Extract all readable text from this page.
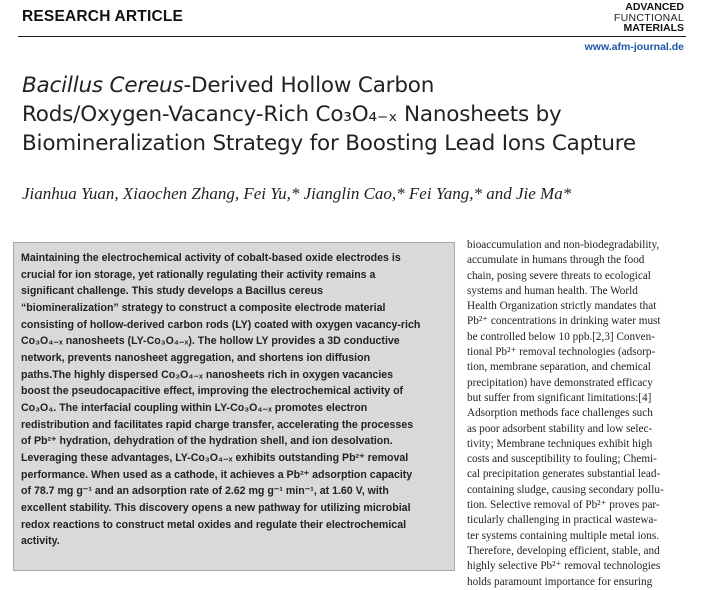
RESEARCH ARTICLE
ADVANCED
FUNCTIONAL
MATERIALS
www.afm-journal.de
Bacillus Cereus-Derived Hollow Carbon
Rods/Oxygen-Vacancy-Rich Co₃O₄₋ₓ Nanosheets by
Biomineralization Strategy for Boosting Lead Ions Capture
Jianhua Yuan, Xiaochen Zhang, Fei Yu,* Jianglin Cao,* Fei Yang,* and Jie Ma*
Maintaining the electrochemical activity of cobalt-based oxide electrodes is
crucial for ion storage, yet rationally regulating their activity remains a
significant challenge. This study develops a Bacillus cereus
“biomineralization” strategy to construct a composite electrode material
consisting of hollow-derived carbon rods (LY) coated with oxygen vacancy-rich
Co₃O₄₋ₓ nanosheets (LY-Co₃O₄₋ₓ). The hollow LY provides a 3D conductive
network, prevents nanosheet aggregation, and shortens ion diffusion
paths.The highly dispersed Co₃O₄₋ₓ nanosheets rich in oxygen vacancies
boost the pseudocapacitive effect, improving the electrochemical activity of
Co₃O₄. The interfacial coupling within LY-Co₃O₄₋ₓ promotes electron
redistribution and facilitates rapid charge transfer, accelerating the processes
of Pb²⁺ hydration, dehydration of the hydration shell, and ion desolvation.
Leveraging these advantages, LY-Co₃O₄₋ₓ exhibits outstanding Pb²⁺ removal
performance. When used as a cathode, it achieves a Pb²⁺ adsorption capacity
of 78.7 mg g⁻¹ and an adsorption rate of 2.62 mg g⁻¹ min⁻¹, at 1.60 V, with
excellent stability. This discovery opens a new pathway for utilizing microbial
redox reactions to construct metal oxides and regulate their electrochemical
activity.
bioaccumulation and non-biodegradability,
accumulate in humans through the food
chain, posing severe threats to ecological
systems and human health. The World
Health Organization strictly mandates that
Pb²⁺ concentrations in drinking water must
be controlled below 10 ppb.[2,3] Conven-
tional Pb²⁺ removal technologies (adsorp-
tion, membrane separation, and chemical
precipitation) have demonstrated efficacy
but suffer from significant limitations:[4]
Adsorption methods face challenges such
as poor adsorbent stability and low selec-
tivity; Membrane techniques exhibit high
costs and susceptibility to fouling; Chemi-
cal precipitation generates substantial lead-
containing sludge, causing secondary pollu-
tion. Selective removal of Pb²⁺ proves par-
ticularly challenging in practical wastewa-
ter systems containing multiple metal ions.
Therefore, developing efficient, stable, and
highly selective Pb²⁺ removal technologies
holds paramount importance for ensuring
